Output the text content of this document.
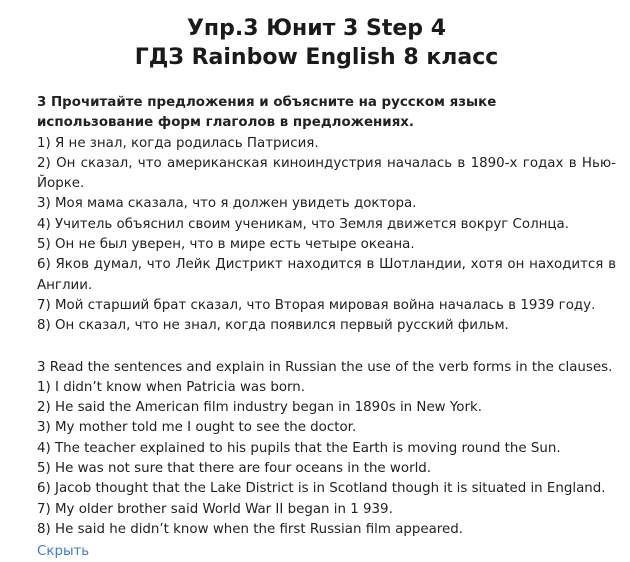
Упр.3 Юнит 3 Step 4
ГДЗ Rainbow English 8 класс

3 Прочитайте предложения и объясните на русском языке использование форм глаголов в предложениях.

1) Я не знал, когда родилась Патрисия.

2) Он сказал, что американская киноиндустрия началась в 1890-х годах в Нью-Йорке.

3) Моя мама сказала, что я должен увидеть доктора.

4) Учитель объяснил своим ученикам, что Земля движется вокруг Солнца.

5) Он не был уверен, что в мире есть четыре океана.

6) Яков думал, что Лейк Дистрикт находится в Шотландии, хотя он находится в Англии.

7) Мой старший брат сказал, что Вторая мировая война началась в 1939 году.

8) Он сказал, что не знал, когда появился первый русский фильм.

3 Read the sentences and explain in Russian the use of the verb forms in the clauses.

1) I didn’t know when Patricia was born.

2) He said the American film industry began in 1890s in New York.

3) My mother told me I ought to see the doctor.

4) The teacher explained to his pupils that the Earth is moving round the Sun.

5) He was not sure that there are four oceans in the world.

6) Jacob thought that the Lake District is in Scotland though it is situated in England.

7) My older brother said World War II began in 1 939.

8) He said he didn’t know when the first Russian film appeared.

Скрыть
